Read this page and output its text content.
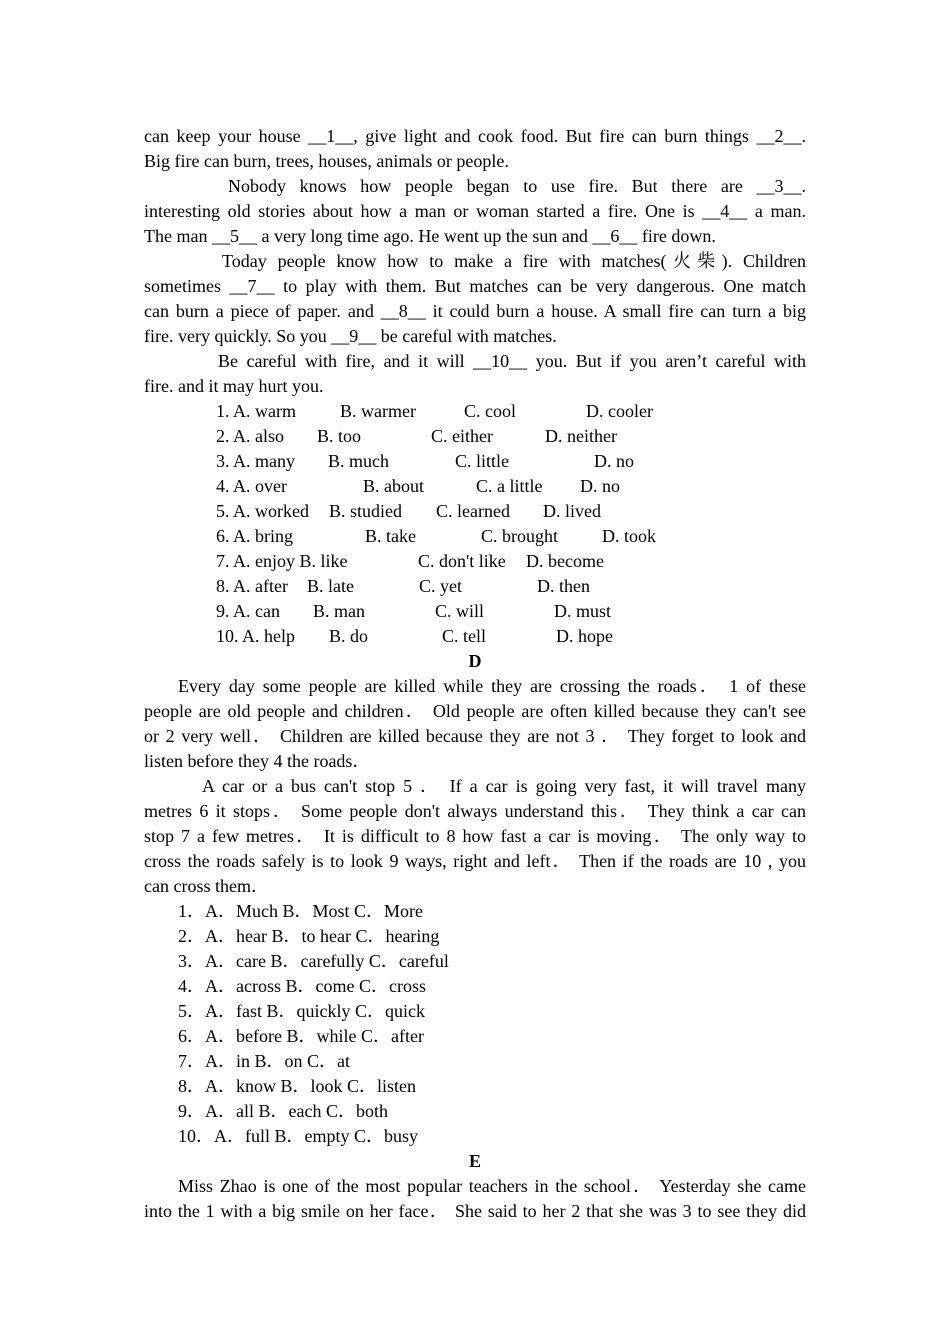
can keep your house __1__, give light and cook food. But fire can burn things __2__.
Big fire can burn, trees, houses, animals or people.
Nobody knows how people began to use fire. But there are __3__.
interesting old stories about how a man or woman started a fire. One is __4__ a man.
The man __5__ a very long time ago. He went up the sun and __6__ fire down.
Today people know how to make a fire with matches(火柴). Children
sometimes __7__ to play with them. But matches can be very dangerous. One match
can burn a piece of paper. and __8__ it could burn a house. A small fire can turn a big
fire. very quickly. So you __9__ be careful with matches.
Be careful with fire, and it will __10__ you. But if you aren’t careful with
fire. and it may hurt you.
1. A. warm B. warmer	C. cool	D. cooler
2. A. also B. too	C. either	D. neither
3. A. many B. much	C. little	D. no
4. A. over	B. about	C. a little D. no
5. A. worked B. studied C. learned D. lived
6. A. bring	B. take	C. brought D. took
7. A. enjoy B. like	C. don't like D. become
8. A. after B. late	C. yet	D. then
9. A. can B. man	C. will	D. must
10. A. help B. do	C. tell	D. hope
D
Every day some people are killed while they are crossing the roads． 1 of these
people are old people and children． Old people are often killed because they can't see
or 2 very well． Children are killed because they are not 3 ． They forget to look and
listen before they 4 the roads．
A car or a bus can't stop 5 ． If a car is going very fast, it will travel many
metres 6 it stops． Some people don't always understand this． They think a car can
stop 7 a few metres． It is difficult to 8 how fast a car is moving． The only way to
cross the roads safely is to look 9 ways, right and left． Then if the roads are 10 , you
can cross them．
1．A．Much B．Most C．More
2．A．hear B．to hear C．hearing
3．A．care B．carefully C．careful
4．A．across B．come C．cross
5．A．fast B．quickly C．quick
6．A．before B．while C．after
7．A．in B．on C．at
8．A．know B．look C．listen
9．A．all B．each C．both
10．A．full B．empty C．busy
E
Miss Zhao is one of the most popular teachers in the school． Yesterday she came
into the 1 with a big smile on her face． She said to her 2 that she was 3 to see they did
